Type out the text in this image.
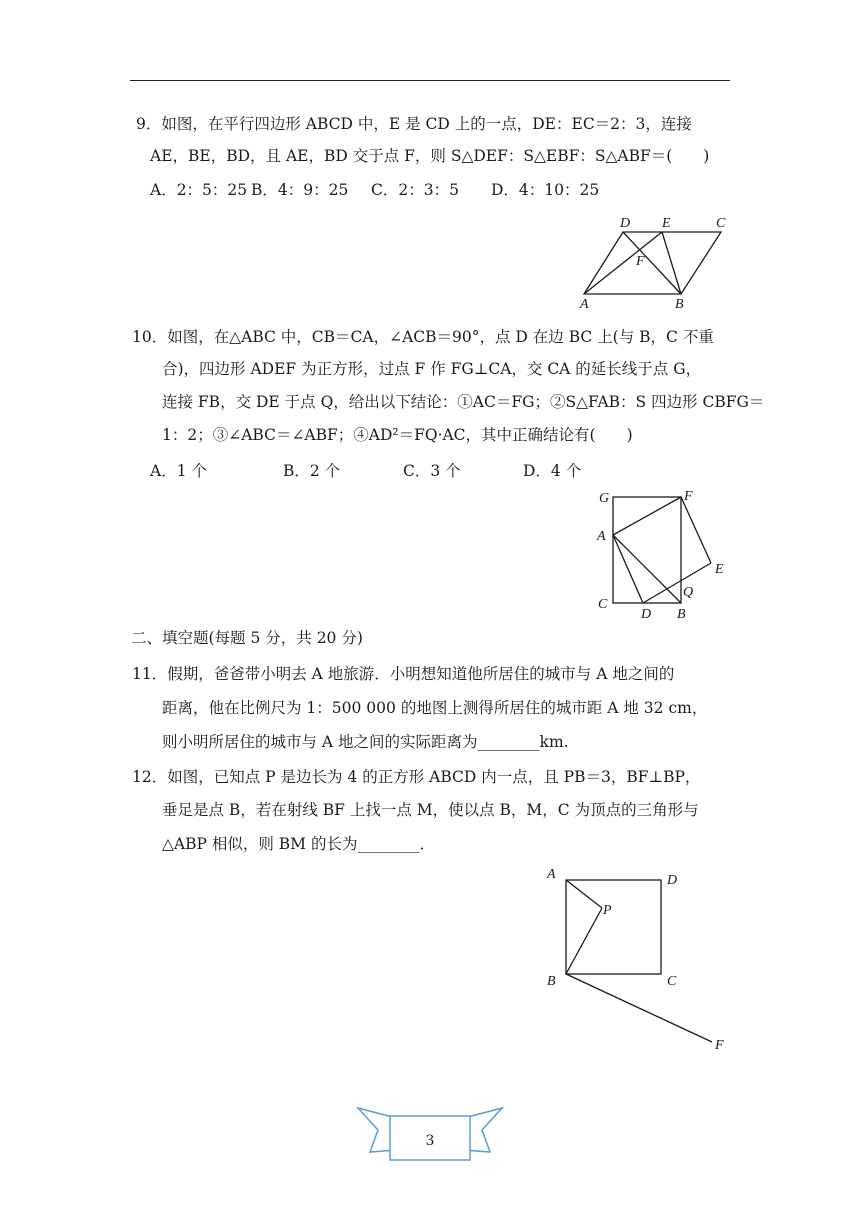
9．如图，在平行四边形 ABCD 中，E 是 CD 上的一点，DE：EC＝2：3，连接
AE，BE，BD，且 AE，BD 交于点 F，则 S△DEF：S△EBF：S△ABF＝(　　)
A．2：5：25 B．4：9：25 C．2：3：5 D．4：10：25
D E	C
F
A	B
10．如图，在△ABC 中，CB＝CA，∠ACB＝90°，点 D 在边 BC 上(与 B，C 不重
合)，四边形 ADEF 为正方形，过点 F 作 FG⊥CA，交 CA 的延长线于点 G，
连接 FB，交 DE 于点 Q，给出以下结论：①AC＝FG；②S△FAB：S 四边形 CBFG＝
1：2；③∠ABC＝∠ABF；④AD²＝FQ·AC，其中正确结论有(　　)
A．1 个	B．2 个	C．3 个	D．4 个
G	F
A
E
Q
C
D B
二、填空题(每题 5 分，共 20 分)
11．假期，爸爸带小明去 A 地旅游．小明想知道他所居住的城市与 A 地之间的
距离，他在比例尺为 1：500 000 的地图上测得所居住的城市距 A 地 32 cm，
则小明所居住的城市与 A 地之间的实际距离为________km.
12．如图，已知点 P 是边长为 4 的正方形 ABCD 内一点，且 PB＝3，BF⊥BP，
垂足是点 B，若在射线 BF 上找一点 M，使以点 B，M，C 为顶点的三角形与
△ABP 相似，则 BM 的长为________．
A	D
P
B	C
F
3
